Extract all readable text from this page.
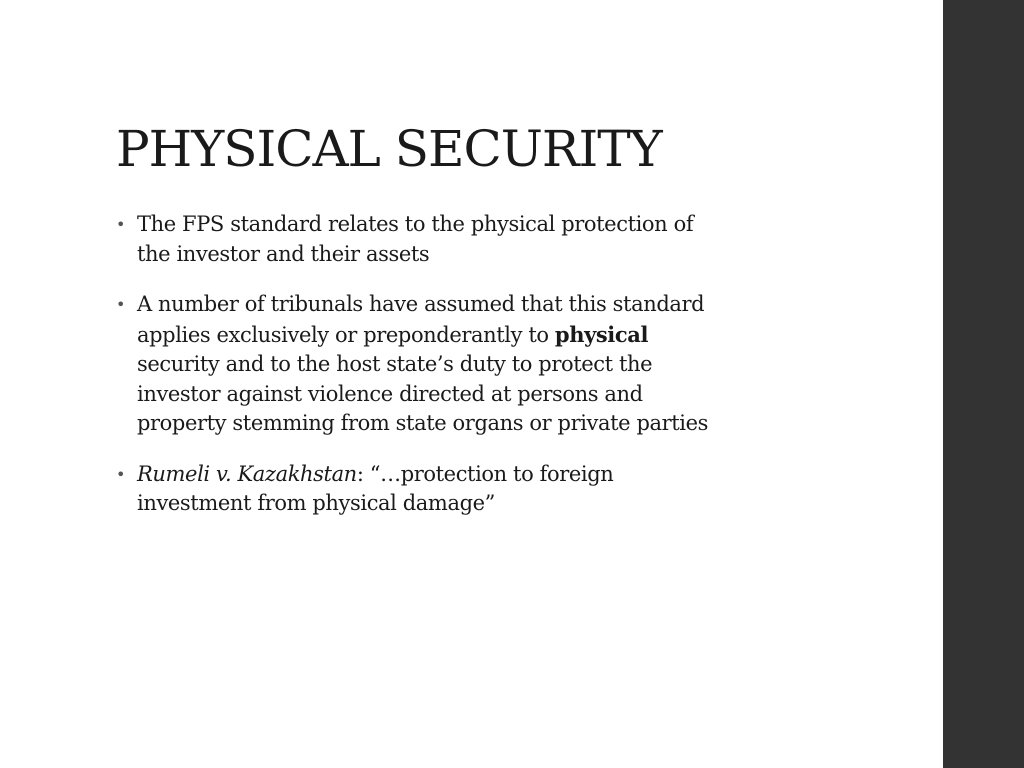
PHYSICAL SECURITY
• The FPS standard relates to the physical protection of
the investor and their assets
• A number of tribunals have assumed that this standard
applies exclusively or preponderantly to physical
security and to the host state’s duty to protect the
investor against violence directed at persons and
property stemming from state organs or private parties
• Rumeli v. Kazakhstan: “…protection to foreign
investment from physical damage”
